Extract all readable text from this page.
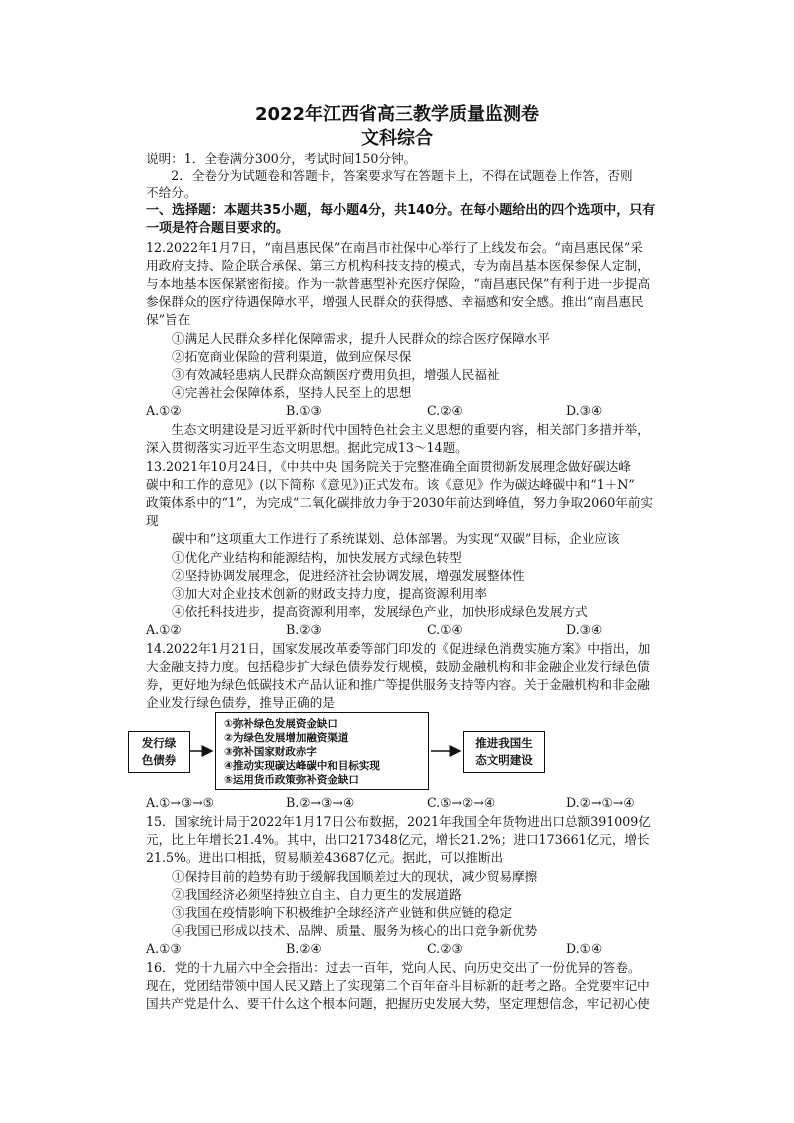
2022年江西省高三教学质量监测卷
文科综合
说明：1．全卷满分300分，考试时间150分钟。
　　2．全卷分为试题卷和答题卡，答案要求写在答题卡上，不得在试题卷上作答，否则
不给分。
一、选择题：本题共35小题，每小题4分，共140分。在每小题给出的四个选项中，只有
一项是符合题目要求的。
12.2022年1月7日，“南昌惠民保”在南昌市社保中心举行了上线发布会。“南昌惠民保”采
用政府支持、险企联合承保、第三方机构科技支持的模式，专为南昌基本医保参保人定制，
与本地基本医保紧密衔接。作为一款普惠型补充医疗保险，“南昌惠民保”有利于进一步提高
参保群众的医疗待遇保障水平，增强人民群众的获得感、幸福感和安全感。推出“南昌惠民
保”旨在
①满足人民群众多样化保障需求，提升人民群众的综合医疗保障水平
②拓宽商业保险的营利渠道，做到应保尽保
③有效减轻患病人民群众高额医疗费用负担，增强人民福祉
④完善社会保障体系，坚持人民至上的思想
　　生态文明建设是习近平新时代中国特色社会主义思想的重要内容，相关部门多措并举，
深入贯彻落实习近平生态文明思想。据此完成13～14题。
13.2021年10月24日，《中共中央 国务院关于完整准确全面贯彻新发展理念做好碳达峰
碳中和工作的意见》(以下简称《意见》)正式发布。该《意见》作为碳达峰碳中和“1＋N”
政策体系中的“1”，为完成“二氧化碳排放力争于2030年前达到峰值，努力争取2060年前实
现
碳中和”这项重大工作进行了系统谋划、总体部署。为实现“双碳”目标，企业应该
①优化产业结构和能源结构，加快发展方式绿色转型
②坚持协调发展理念，促进经济社会协调发展，增强发展整体性
③加大对企业技术创新的财政支持力度，提高资源利用率
④依托科技进步，提高资源利用率，发展绿色产业，加快形成绿色发展方式
14.2022年1月21日，国家发展改革委等部门印发的《促进绿色消费实施方案》中指出，加
大金融支持力度。包括稳步扩大绿色债券发行规模，鼓励金融机构和非金融企业发行绿色债
券，更好地为绿色低碳技术产品认证和推广等提供服务支持等内容。关于金融机构和非金融
企业发行绿色债券，推导正确的是
15．国家统计局于2022年1月17日公布数据，2021年我国全年货物进出口总额391009亿
元，比上年增长21.4%。其中，出口217348亿元，增长21.2%；进口173661亿元，增长
21.5%。进出口相抵，贸易顺差43687亿元。据此，可以推断出
①保持目前的趋势有助于缓解我国顺差过大的现状，减少贸易摩擦
②我国经济必须坚持独立自主、自力更生的发展道路
③我国在疫情影响下积极维护全球经济产业链和供应链的稳定
④我国已形成以技术、品牌、质量、服务为核心的出口竞争新优势
16．党的十九届六中全会指出：过去一百年，党向人民、向历史交出了一份优异的答卷。
现在，党团结带领中国人民又踏上了实现第二个百年奋斗目标新的赶考之路。全党要牢记中
国共产党是什么、要干什么这个根本问题，把握历史发展大势，坚定理想信念，牢记初心使
A.①②	B.①③	C.②④	D.③④
A.①②	B.②③	C.①④	D.③④
A.①→③→⑤	B.②→③→④	C.⑤→②→④	D.②→①→④
A.①③	B.②④	C.②③	D.①④
发行绿
色债券
①弥补绿色发展资金缺口
②为绿色发展增加融资渠道
③弥补国家财政赤字
④推动实现碳达峰碳中和目标实现
⑤运用货币政策弥补资金缺口
推进我国生
态文明建设
